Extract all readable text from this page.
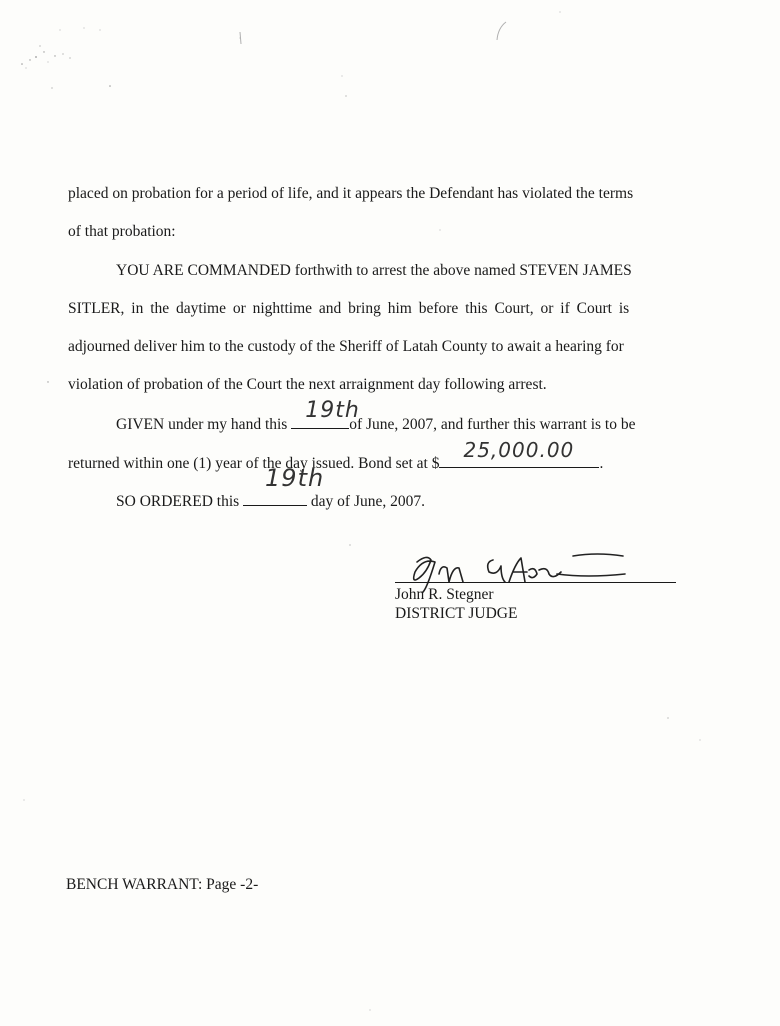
placed on probation for a period of life, and it appears the Defendant has violated the terms
of that probation:
YOU ARE COMMANDED forthwith to arrest the above named STEVEN JAMES
SITLER, in the daytime or nighttime and bring him before this Court, or if Court is
adjourned deliver him to the custody of the Sheriff of Latah County to await a hearing for
violation of probation of the Court the next arraignment day following arrest.
GIVEN under my hand this
19th
of June, 2007, and further this warrant is to be
returned within one (1) year of the day issued. Bond set at $
25,000.00
.
SO ORDERED this
19th
day of June, 2007.
John R. Stegner
DISTRICT JUDGE
BENCH WARRANT: Page -2-
